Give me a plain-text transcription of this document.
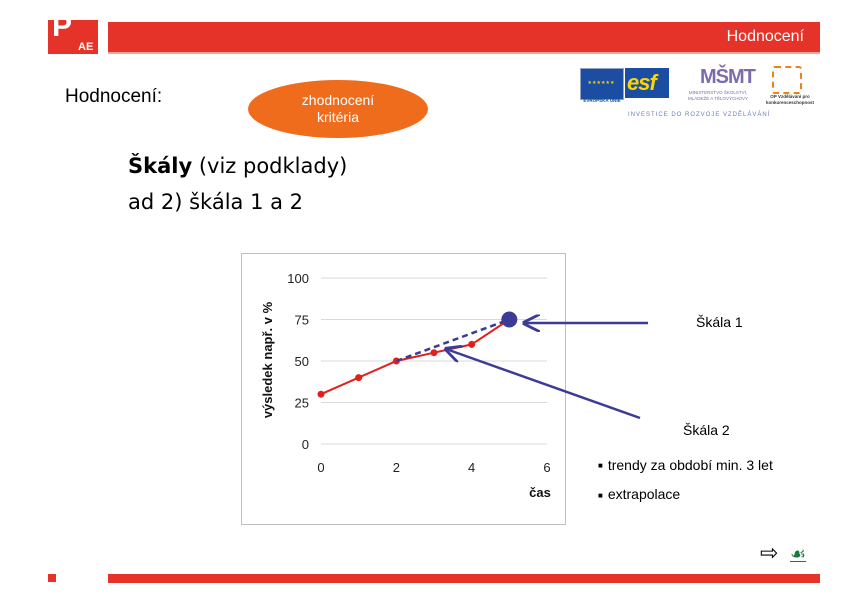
P
AE Cesta ke kvalitě
Hodnocení
★★★★★★
EVROPSKÁ UNIE
esf MŠMT
MINISTERSTVO ŠKOLSTVÍ, MLÁDEŽE A TĚLOVÝCHOVY	OP Vzdělávání pro konkurenceschopnost
INVESTICE DO ROZVOJE VZDĚLÁVÁNÍ
Hodnocení:	zhodnocení kritéria
Škály (viz podklady)
ad 2) škála 1 a 2
0
25
50
75
100
0	2	4	6
čas
výsledek např. v %	Škála 1
Škála 2
■ trendy za období min. 3 let
■ extrapolace
⇨ ☙
